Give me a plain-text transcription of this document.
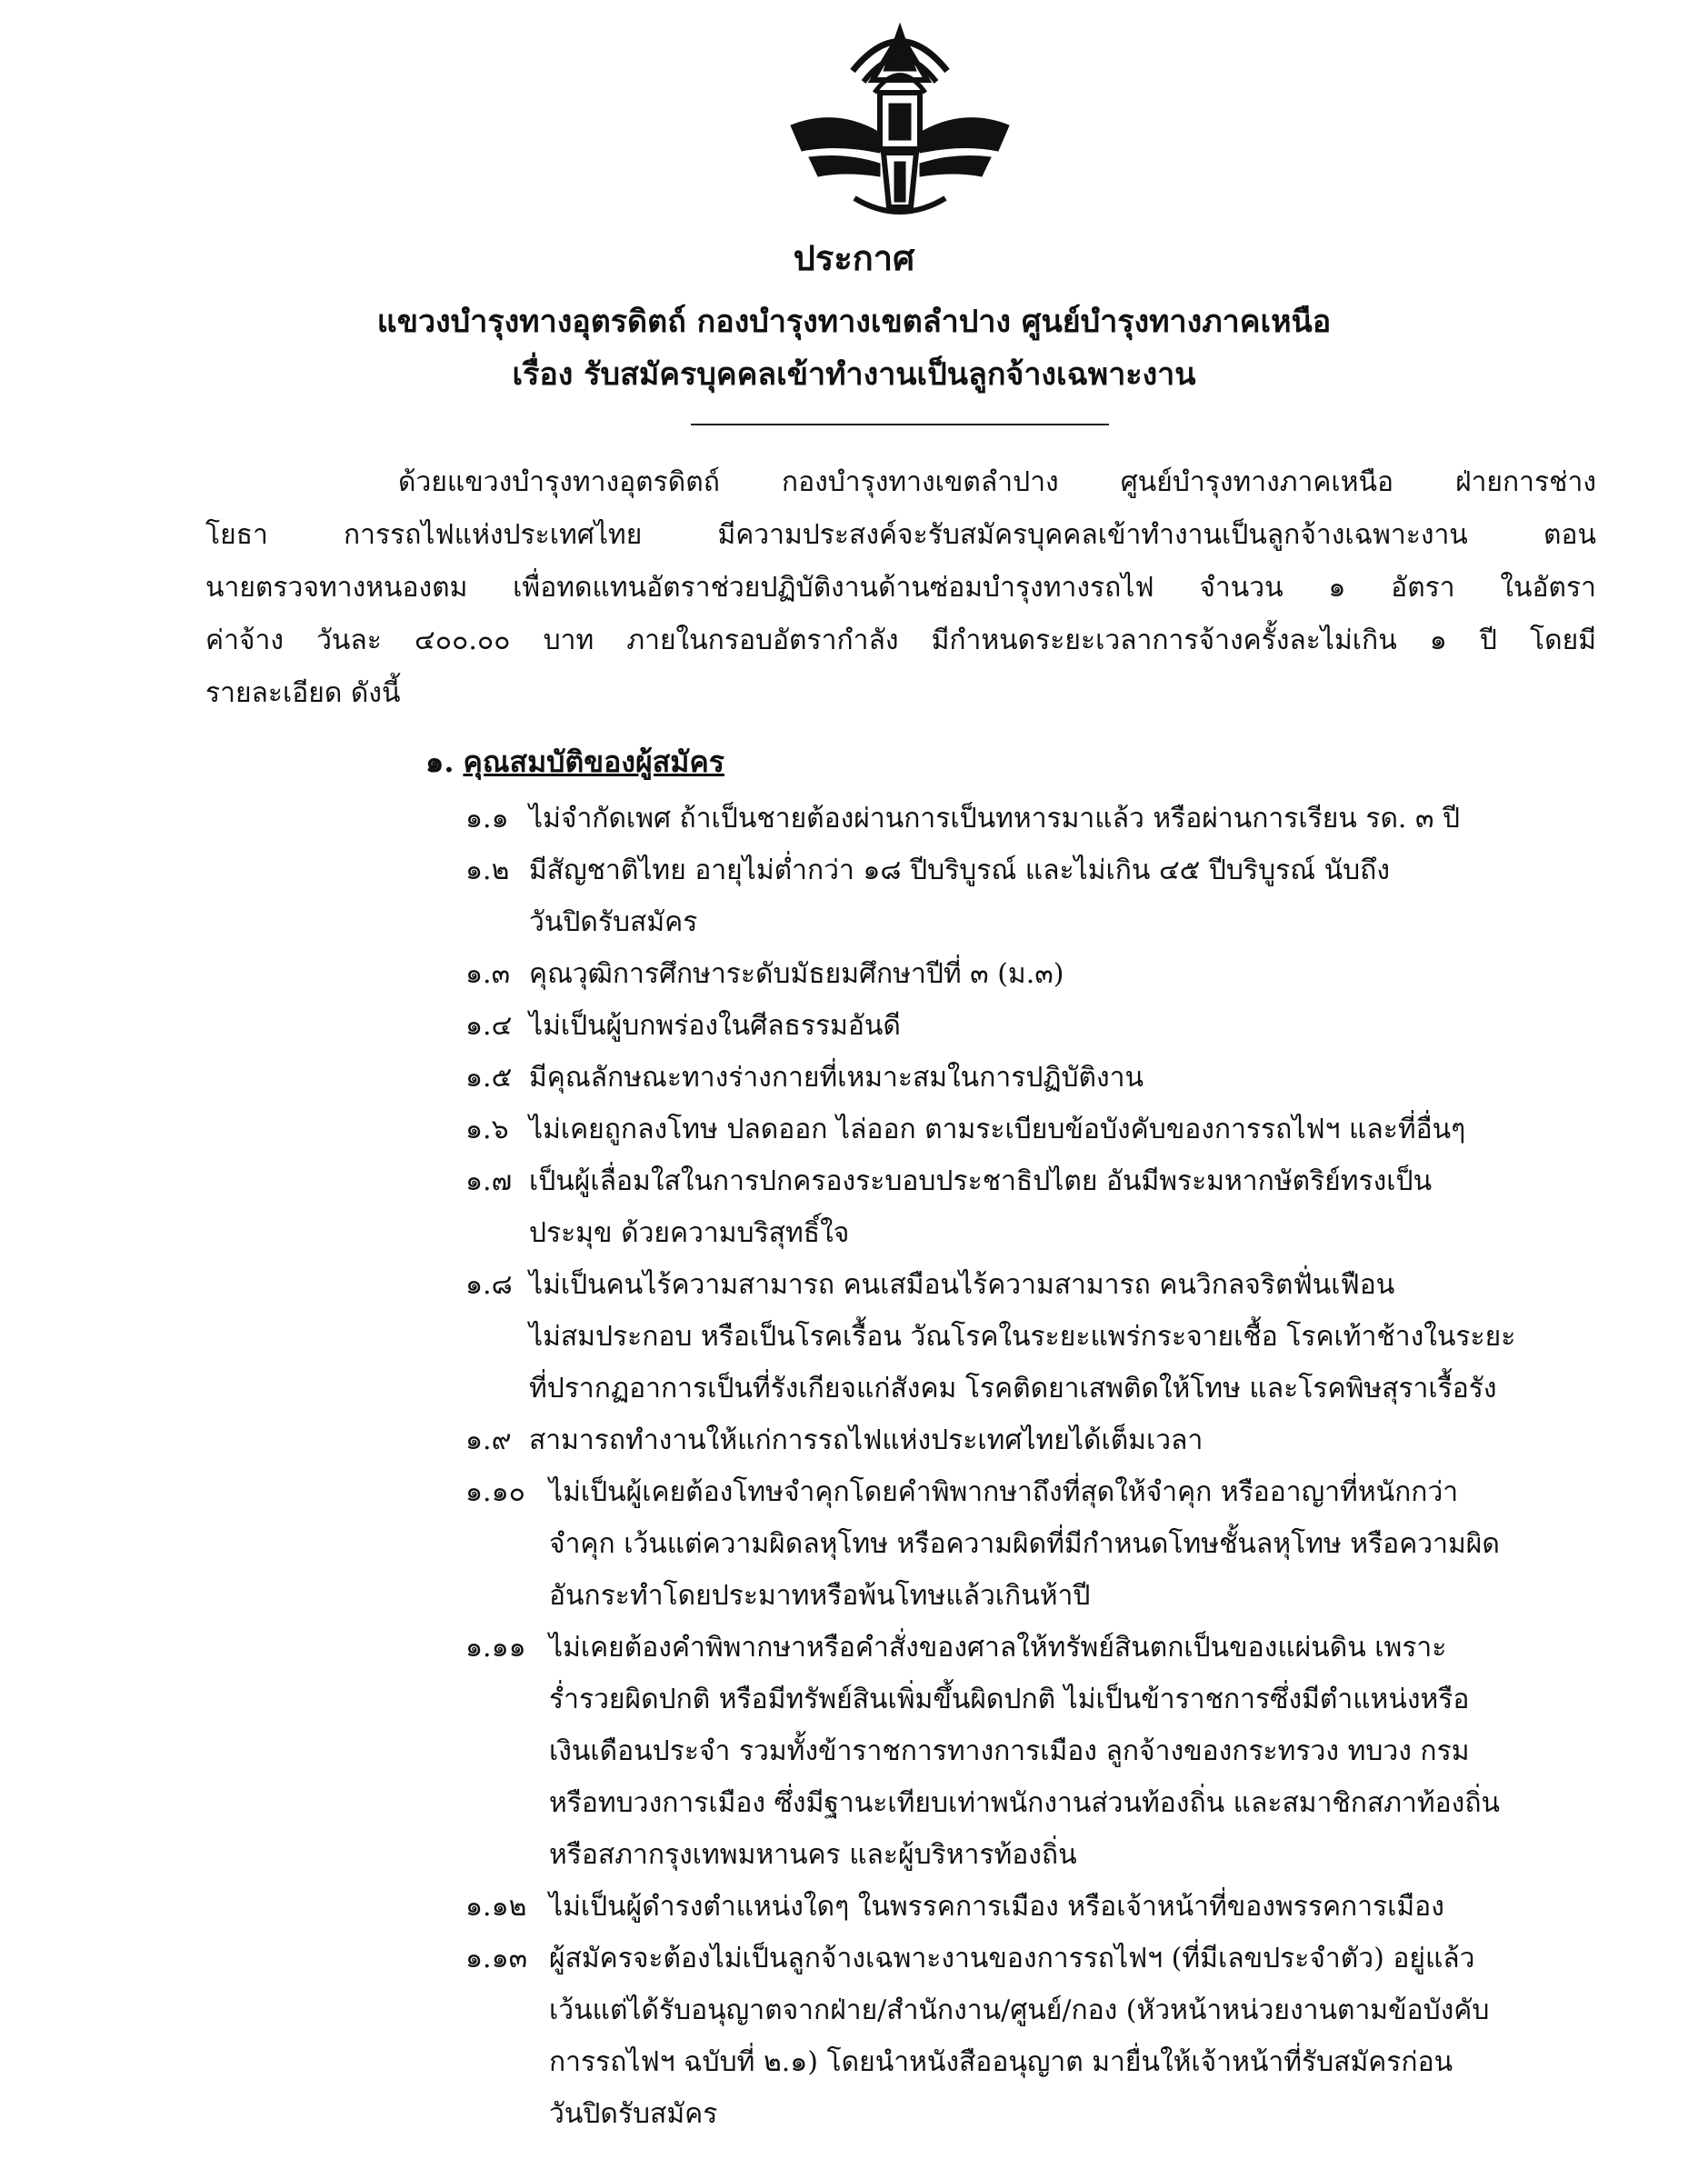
ประกาศ
แขวงบำรุงทางอุตรดิตถ์ กองบำรุงทางเขตลำปาง ศูนย์บำรุงทางภาคเหนือ
เรื่อง รับสมัครบุคคลเข้าทำงานเป็นลูกจ้างเฉพาะงาน
ด้วยแขวงบำรุงทางอุตรดิตถ์ กองบำรุงทางเขตลำปาง ศูนย์บำรุงทางภาคเหนือ ฝ่ายการช่าง
โยธา การรถไฟแห่งประเทศไทย มีความประสงค์จะรับสมัครบุคคลเข้าทำงานเป็นลูกจ้างเฉพาะงาน ตอน
นายตรวจทางหนองตม เพื่อทดแทนอัตราช่วยปฏิบัติงานด้านซ่อมบำรุงทางรถไฟ จำนวน ๑ อัตรา ในอัตรา
ค่าจ้าง วันละ ๔๐๐.๐๐ บาท ภายในกรอบอัตรากำลัง มีกำหนดระยะเวลาการจ้างครั้งละไม่เกิน ๑ ปี โดยมี
รายละเอียด ดังนี้
๑. คุณสมบัติของผู้สมัคร
๑.๑ ไม่จำกัดเพศ ถ้าเป็นชายต้องผ่านการเป็นทหารมาแล้ว หรือผ่านการเรียน รด. ๓ ปี
๑.๒ มีสัญชาติไทย อายุไม่ต่ำกว่า ๑๘ ปีบริบูรณ์ และไม่เกิน ๔๕ ปีบริบูรณ์ นับถึง
วันปิดรับสมัคร
๑.๓ คุณวุฒิการศึกษาระดับมัธยมศึกษาปีที่ ๓ (ม.๓)
๑.๔ ไม่เป็นผู้บกพร่องในศีลธรรมอันดี
๑.๕ มีคุณลักษณะทางร่างกายที่เหมาะสมในการปฏิบัติงาน
๑.๖ ไม่เคยถูกลงโทษ ปลดออก ไล่ออก ตามระเบียบข้อบังคับของการรถไฟฯ และที่อื่นๆ
๑.๗ เป็นผู้เลื่อมใสในการปกครองระบอบประชาธิปไตย อันมีพระมหากษัตริย์ทรงเป็น
ประมุข ด้วยความบริสุทธิ์ใจ
๑.๘ ไม่เป็นคนไร้ความสามารถ คนเสมือนไร้ความสามารถ คนวิกลจริตฟั่นเฟือน
ไม่สมประกอบ หรือเป็นโรคเรื้อน วัณโรคในระยะแพร่กระจายเชื้อ โรคเท้าช้างในระยะ
ที่ปรากฏอาการเป็นที่รังเกียจแก่สังคม โรคติดยาเสพติดให้โทษ และโรคพิษสุราเรื้อรัง
๑.๙ สามารถทำงานให้แก่การรถไฟแห่งประเทศไทยได้เต็มเวลา
๑.๑๐ ไม่เป็นผู้เคยต้องโทษจำคุกโดยคำพิพากษาถึงที่สุดให้จำคุก หรืออาญาที่หนักกว่า
จำคุก เว้นแต่ความผิดลหุโทษ หรือความผิดที่มีกำหนดโทษชั้นลหุโทษ หรือความผิด
อันกระทำโดยประมาทหรือพ้นโทษแล้วเกินห้าปี
๑.๑๑ ไม่เคยต้องคำพิพากษาหรือคำสั่งของศาลให้ทรัพย์สินตกเป็นของแผ่นดิน เพราะ
ร่ำรวยผิดปกติ หรือมีทรัพย์สินเพิ่มขึ้นผิดปกติ ไม่เป็นข้าราชการซึ่งมีตำแหน่งหรือ
เงินเดือนประจำ รวมทั้งข้าราชการทางการเมือง ลูกจ้างของกระทรวง ทบวง กรม
หรือทบวงการเมือง ซึ่งมีฐานะเทียบเท่าพนักงานส่วนท้องถิ่น และสมาชิกสภาท้องถิ่น
หรือสภากรุงเทพมหานคร และผู้บริหารท้องถิ่น
๑.๑๒ ไม่เป็นผู้ดำรงตำแหน่งใดๆ ในพรรคการเมือง หรือเจ้าหน้าที่ของพรรคการเมือง
๑.๑๓ ผู้สมัครจะต้องไม่เป็นลูกจ้างเฉพาะงานของการรถไฟฯ (ที่มีเลขประจำตัว) อยู่แล้ว
เว้นแต่ได้รับอนุญาตจากฝ่าย/สำนักงาน/ศูนย์/กอง (หัวหน้าหน่วยงานตามข้อบังคับ
การรถไฟฯ ฉบับที่ ๒.๑) โดยนำหนังสืออนุญาต มายื่นให้เจ้าหน้าที่รับสมัครก่อน
วันปิดรับสมัคร
